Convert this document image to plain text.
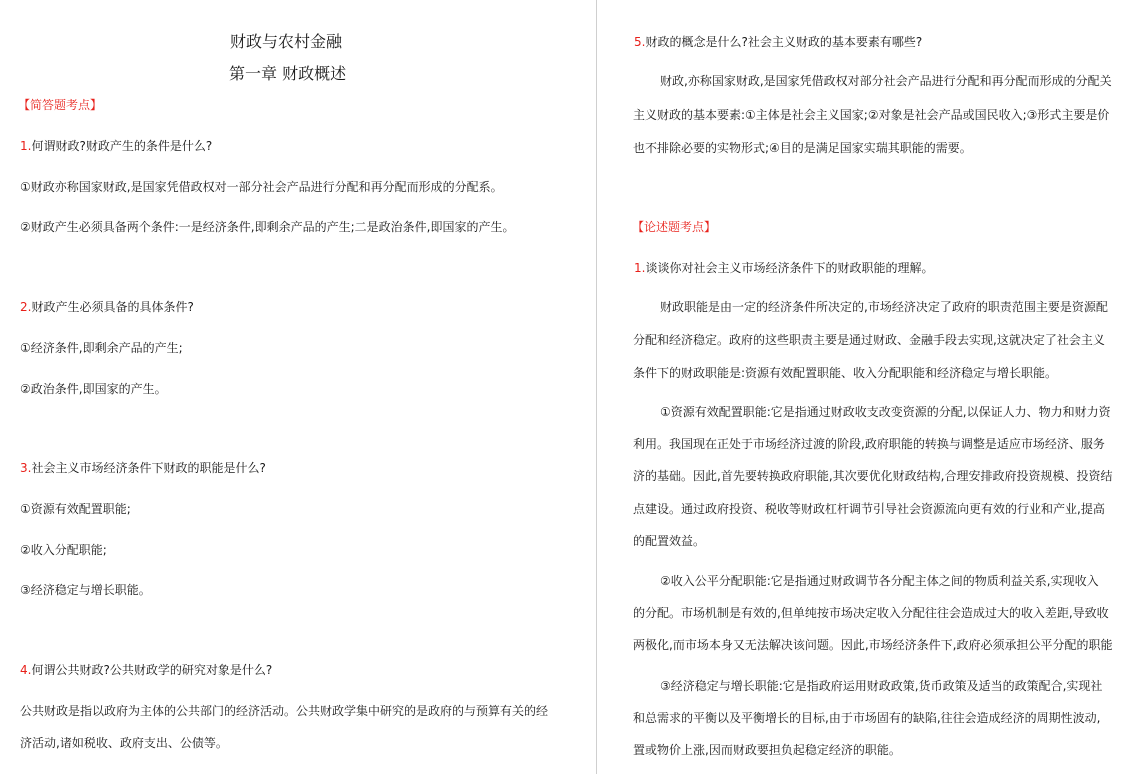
财政与农村金融
第一章 财政概述
【简答题考点】
1.何谓财政?财政产生的条件是什么?
①财政亦称国家财政,是国家凭借政权对一部分社会产品进行分配和再分配而形成的分配系。
②财政产生必须具备两个条件:一是经济条件,即剩余产品的产生;二是政治条件,即国家的产生。
2.财政产生必须具备的具体条件?
①经济条件,即剩余产品的产生;
②政治条件,即国家的产生。
3.社会主义市场经济条件下财政的职能是什么?
①资源有效配置职能;
②收入分配职能;
③经济稳定与增长职能。
4.何谓公共财政?公共财政学的研究对象是什么?
公共财政是指以政府为主体的公共部门的经济活动。公共财政学集中研究的是政府的与预算有关的经
济活动,诸如税收、政府支出、公债等。
5.财政的概念是什么?社会主义财政的基本要素有哪些?
财政,亦称国家财政,是国家凭借政权对部分社会产品进行分配和再分配而形成的分配关
主义财政的基本要素:①主体是社会主义国家;②对象是社会产品或国民收入;③形式主要是价
也不排除必要的实物形式;④目的是满足国家实瑞其职能的需要。
【论述题考点】
1.谈谈你对社会主义市场经济条件下的财政职能的理解。
财政职能是由一定的经济条件所决定的,市场经济决定了政府的职责范围主要是资源配
分配和经济稳定。政府的这些职责主要是通过财政、金融手段去实现,这就决定了社会主义
条件下的财政职能是:资源有效配置职能、收入分配职能和经济稳定与增长职能。
①资源有效配置职能:它是指通过财政收支改变资源的分配,以保证人力、物力和财力资
利用。我国现在正处于市场经济过渡的阶段,政府职能的转换与调整是适应市场经济、服务
济的基础。因此,首先要转换政府职能,其次要优化财政结构,合理安排政府投资规模、投资结
点建设。通过政府投资、税收等财政杠杆调节引导社会资源流向更有效的行业和产业,提高
的配置效益。
②收入公平分配职能:它是指通过财政调节各分配主体之间的物质利益关系,实现收入
的分配。市场机制是有效的,但单纯按市场决定收入分配往往会造成过大的收入差距,导致收
两极化,而市场本身又无法解决该问题。因此,市场经济条件下,政府必须承担公平分配的职能
③经济稳定与增长职能:它是指政府运用财政政策,货币政策及适当的政策配合,实现社
和总需求的平衡以及平衡增长的目标,由于市场固有的缺陷,往往会造成经济的周期性波动,
置或物价上涨,因而财政要担负起稳定经济的职能。
